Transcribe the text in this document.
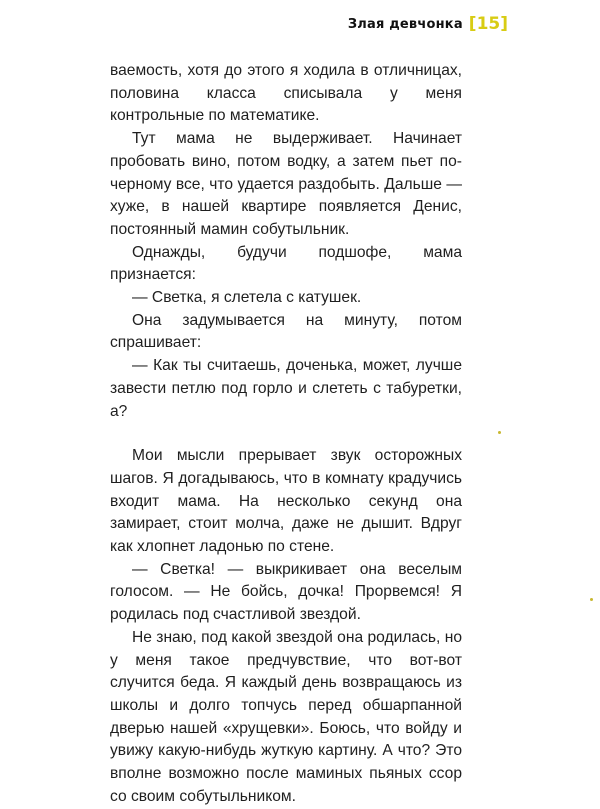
Злая девчонка [15]

ваемость, хотя до этого я ходила в отличницах, половина класса списывала у меня контрольные по математике.

Тут мама не выдерживает. Начинает пробовать вино, потом водку, а затем пьет по-черному все, что удается раздобыть. Дальше — хуже, в нашей квартире появляется Денис, постоянный мамин собутыльник.

Однажды, будучи подшофе, мама признается:

— Светка, я слетела с катушек.

Она задумывается на минуту, потом спрашивает:

— Как ты считаешь, доченька, может, лучше завести петлю под горло и слететь с табуретки, а?

Мои мысли прерывает звук осторожных шагов. Я догадываюсь, что в комнату крадучись входит мама. На несколько секунд она замирает, стоит молча, даже не дышит. Вдруг как хлопнет ладонью по стене.

— Светка! — выкрикивает она веселым голосом. — Не бойсь, дочка! Прорвемся! Я родилась под счастливой звездой.

Не знаю, под какой звездой она родилась, но у меня такое предчувствие, что вот-вот случится беда. Я каждый день возвращаюсь из школы и долго топчусь перед обшарпанной дверью нашей «хрущевки». Боюсь, что войду и увижу какую-нибудь жуткую картину. А что? Это вполне возможно после маминых пьяных ссор со своим собутыльником.
